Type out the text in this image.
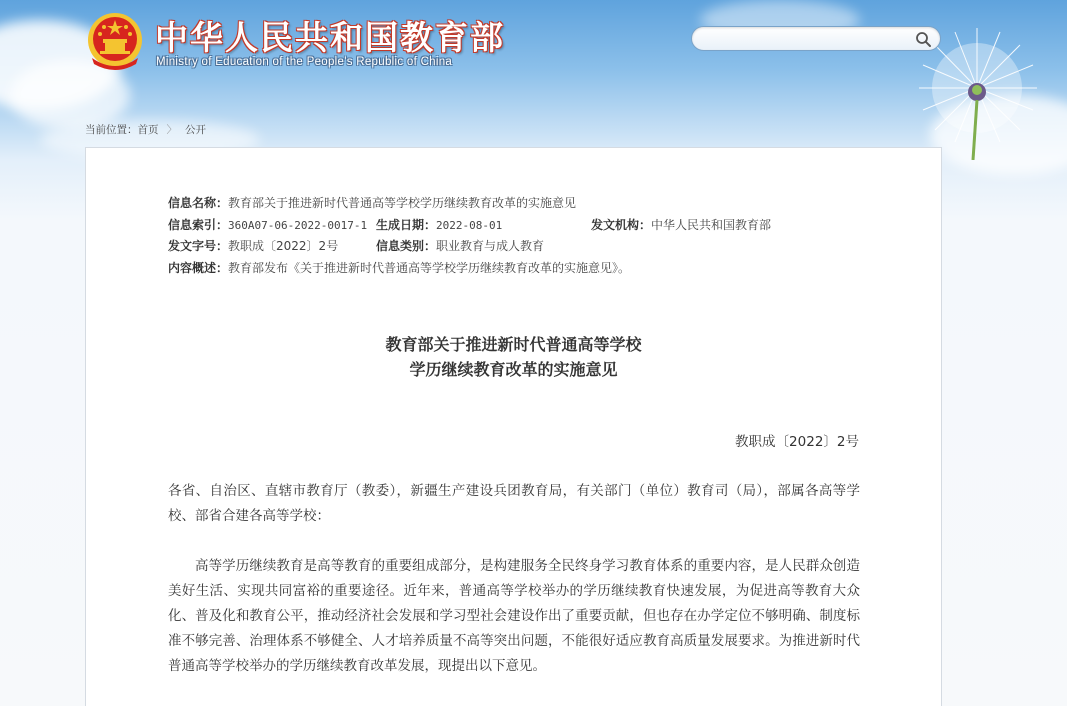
中华人民共和国教育部
Ministry of Education of the People's Republic of China
当前位置：首页 〉 公开
信息名称：教育部关于推进新时代普通高等学校学历继续教育改革的实施意见
信息索引：360A07-06-2022-0017-1 生成日期：2022-08-01	发文机构：中华人民共和国教育部
发文字号：教职成〔2022〕2号	信息类别：职业教育与成人教育
内容概述：教育部发布《关于推进新时代普通高等学校学历继续教育改革的实施意见》。
教育部关于推进新时代普通高等学校
学历继续教育改革的实施意见
教职成〔2022〕2号

各省、自治区、直辖市教育厅（教委），新疆生产建设兵团教育局，有关部门（单位）教育司（局），部属各高等学校、部省合建各高等学校：

高等学历继续教育是高等教育的重要组成部分，是构建服务全民终身学习教育体系的重要内容，是人民群众创造美好生活、实现共同富裕的重要途径。近年来，普通高等学校举办的学历继续教育快速发展，为促进高等教育大众化、普及化和教育公平，推动经济社会发展和学习型社会建设作出了重要贡献，但也存在办学定位不够明确、制度标准不够完善、治理体系不够健全、人才培养质量不高等突出问题，不能很好适应教育高质量发展要求。为推进新时代普通高等学校举办的学历继续教育改革发展，现提出以下意见。
